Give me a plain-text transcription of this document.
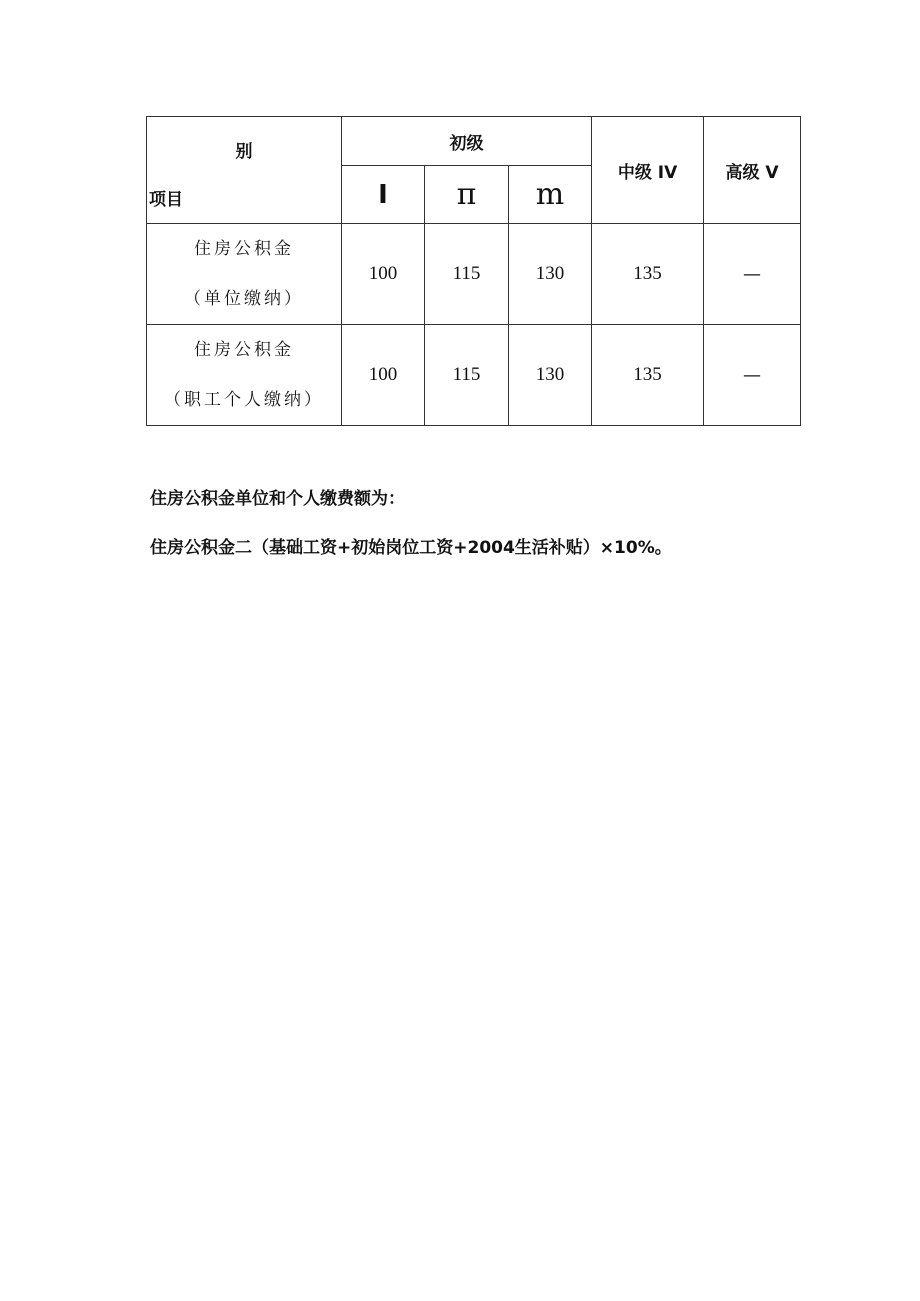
别
项目	初级			中级 IV	高级 V
	I	π	m		

住房公积金
（单位缴纳）	100	115	130	135	—

住房公积金
（职工个人缴纳）	100	115	130	135	—
住房公积金单位和个人缴费额为：
住房公积金二（基础工资+初始岗位工资+2004生活补贴）×10%。
